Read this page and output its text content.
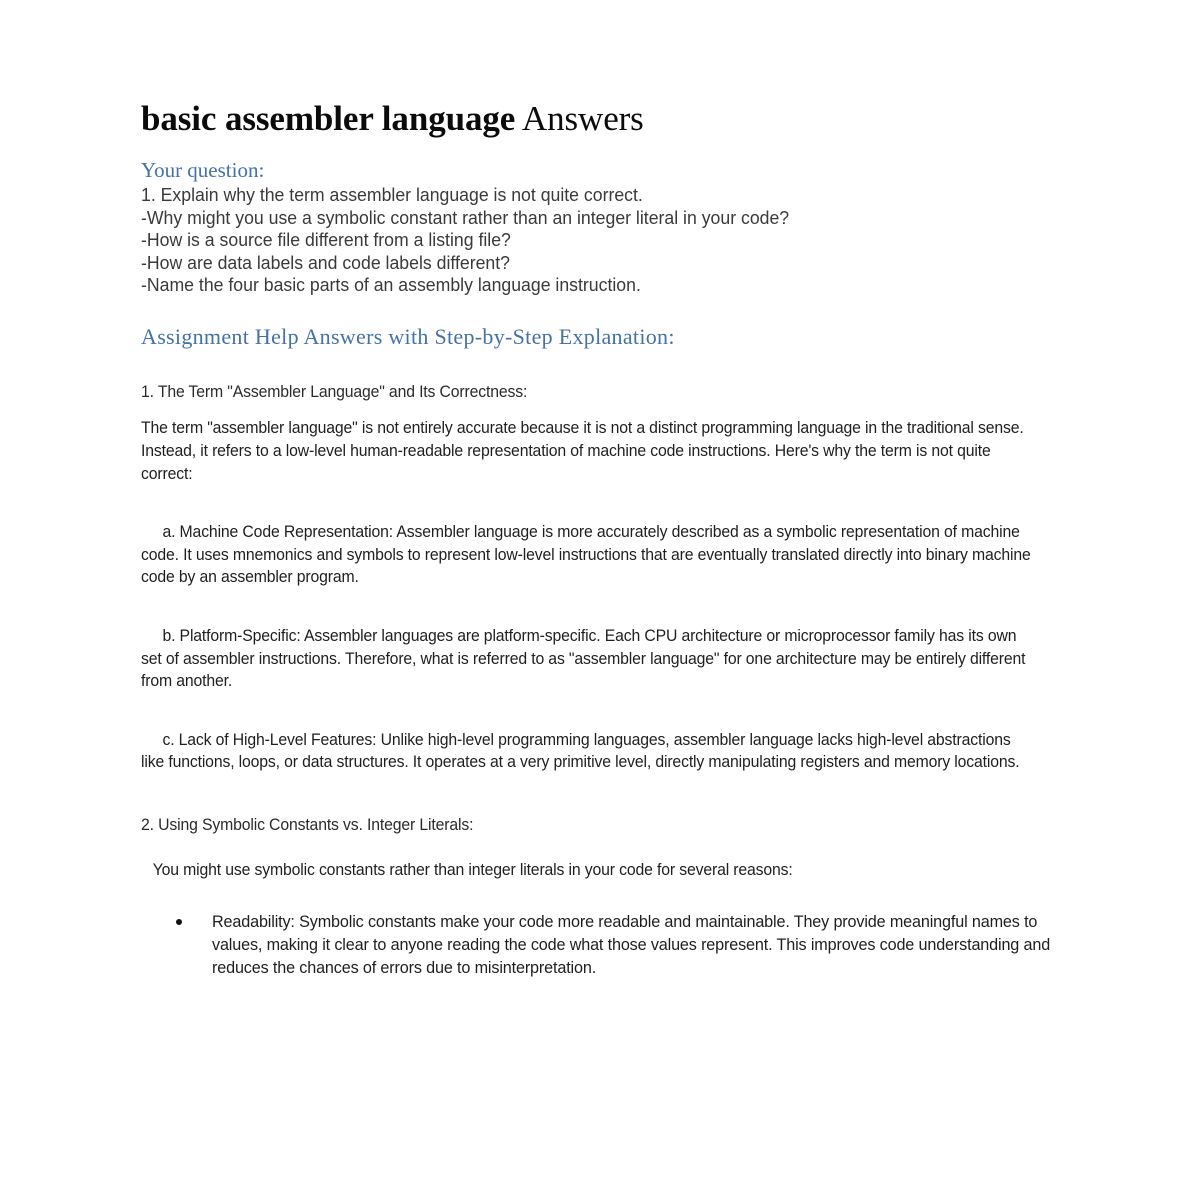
basic assembler language Answers
Your question:
1. Explain why the term assembler language is not quite correct.
-Why might you use a symbolic constant rather than an integer literal in your code?
-How is a source file different from a listing file?
-How are data labels and code labels different?
-Name the four basic parts of an assembly language instruction.
Assignment Help Answers with Step-by-Step Explanation:

1. The Term "Assembler Language" and Its Correctness:

The term "assembler language" is not entirely accurate because it is not a distinct programming language in the traditional sense. Instead, it refers to a low-level human-readable representation of machine code instructions. Here's why the term is not quite correct:

a. Machine Code Representation: Assembler language is more accurately described as a symbolic representation of machine code. It uses mnemonics and symbols to represent low-level instructions that are eventually translated directly into binary machine code by an assembler program.

b. Platform-Specific: Assembler languages are platform-specific. Each CPU architecture or microprocessor family has its own set of assembler instructions. Therefore, what is referred to as "assembler language" for one architecture may be entirely different from another.

c. Lack of High-Level Features: Unlike high-level programming languages, assembler language lacks high-level abstractions like functions, loops, or data structures. It operates at a very primitive level, directly manipulating registers and memory locations.

2. Using Symbolic Constants vs. Integer Literals:

You might use symbolic constants rather than integer literals in your code for several reasons:

Readability: Symbolic constants make your code more readable and maintainable. They provide meaningful names to values, making it clear to anyone reading the code what those values represent. This improves code understanding and reduces the chances of errors due to misinterpretation.
